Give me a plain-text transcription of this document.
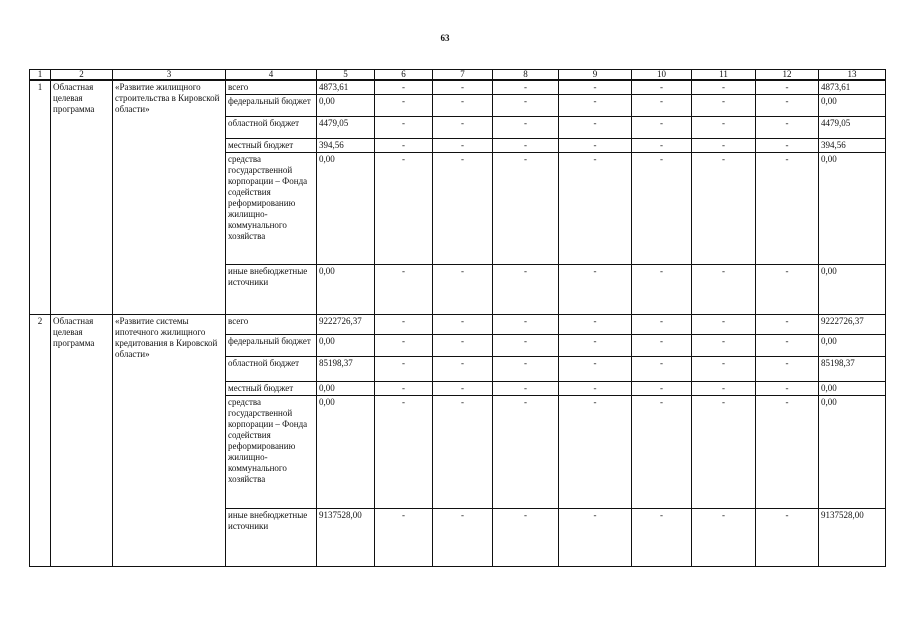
63
1	2	3	4	5	6	7	8	9	10	11	12	13
1	Областная целевая программа	«Развитие жилищного строительства в Кировской области»	всего	4873,61	-	-	-	-	-	-	-	4873,61
			федеральный бюджет	0,00	-	-	-	-	-	-	-	0,00
			областной бюджет	4479,05	-	-	-	-	-	-	-	4479,05
			местный бюджет	394,56	-	-	-	-	-	-	-	394,56
			средства государственной корпорации – Фонда содействия реформированию жилищно-коммунального хозяйства	0,00	-	-	-	-	-	-	-	0,00
			иные внебюджетные источники	0,00	-	-	-	-	-	-	-	0,00
2	Областная целевая программа	«Развитие системы ипотечного жилищного кредитования в Кировской области»	всего	9222726,37	-	-	-	-	-	-	-	9222726,37
			федеральный бюджет	0,00	-	-	-	-	-	-	-	0,00
			областной бюджет	85198,37	-	-	-	-	-	-	-	85198,37
			местный бюджет	0,00	-	-	-	-	-	-	-	0,00
			средства государственной корпорации – Фонда содействия реформированию жилищно-коммунального хозяйства	0,00	-	-	-	-	-	-	-	0,00
			иные внебюджетные источники	9137528,00	-	-	-	-	-	-	-	9137528,00
